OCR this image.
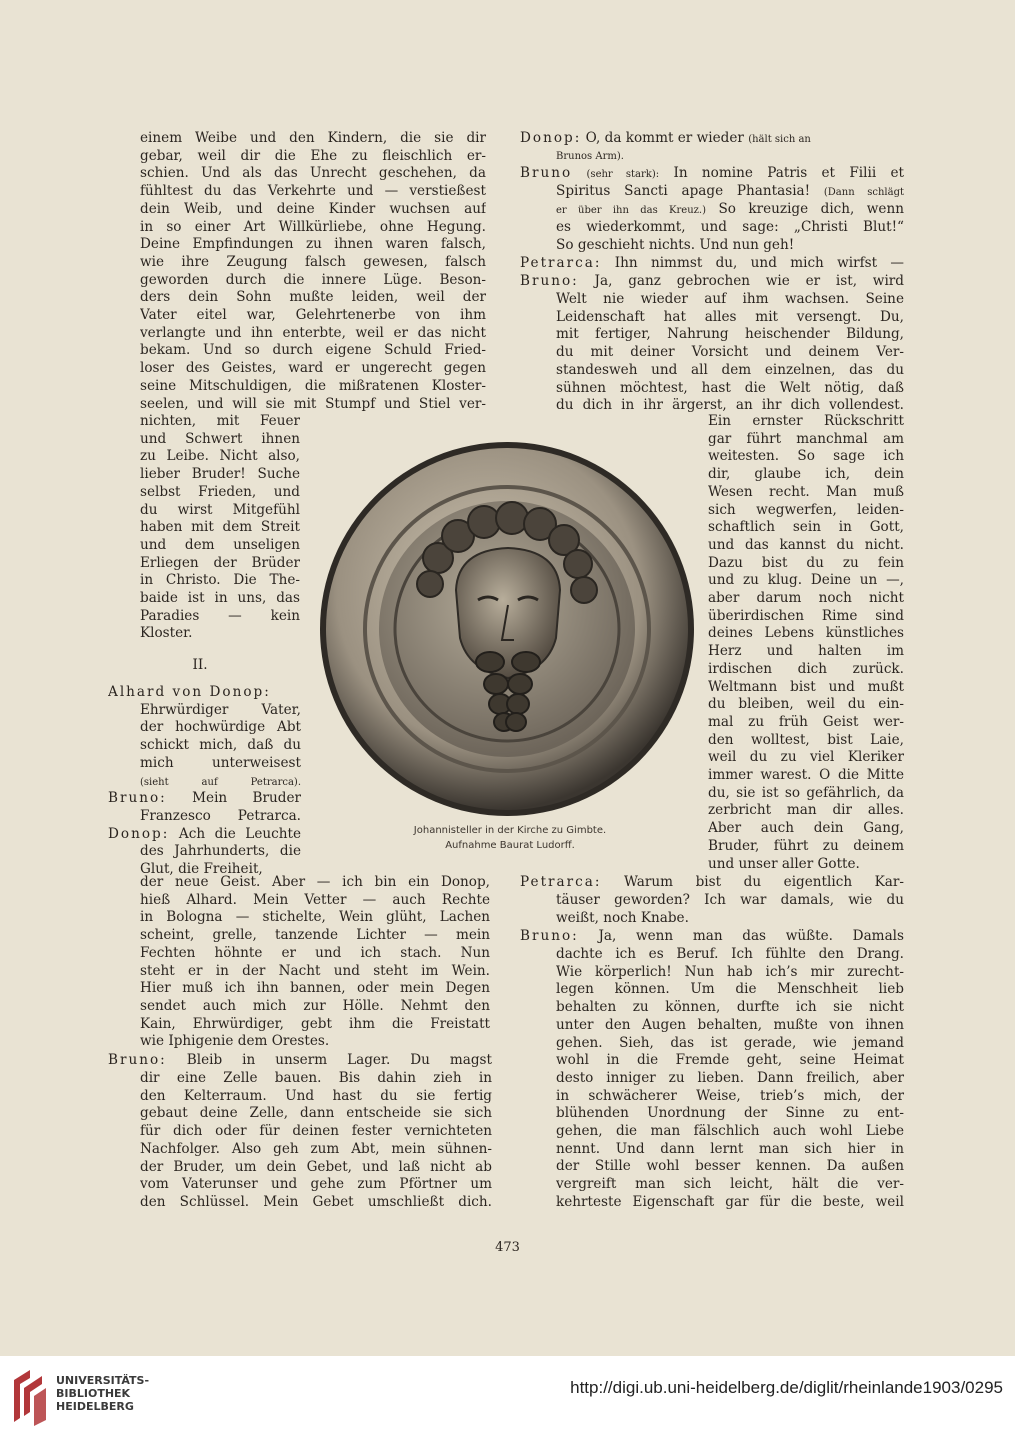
einem Weibe und den Kindern, die sie dir
gebar, weil dir die Ehe zu fleischlich er-
schien. Und als das Unrecht geschehen, da
fühltest du das Verkehrte und — verstießest
dein Weib, und deine Kinder wuchsen auf
in so einer Art Willkürliebe, ohne Hegung.
Deine Empfindungen zu ihnen waren falsch,
wie ihre Zeugung falsch gewesen, falsch
geworden durch die innere Lüge. Beson-
ders dein Sohn mußte leiden, weil der
Vater eitel war, Gelehrtenerbe von ihm
verlangte und ihn enterbte, weil er das nicht
bekam. Und so durch eigene Schuld Fried-
loser des Geistes, ward er ungerecht gegen
seine Mitschuldigen, die mißratenen Kloster-
seelen, und will sie mit Stumpf und Stiel ver-
nichten, mit Feuer
und Schwert ihnen
zu Leibe. Nicht also,
lieber Bruder! Suche
selbst Frieden, und
du wirst Mitgefühl
haben mit dem Streit
und dem unseligen
Erliegen der Brüder
in Christo. Die The-
baide ist in uns, das
Paradies — kein
Kloster.
II.
Alhard von Donop:
Ehrwürdiger Vater,
der hochwürdige Abt
schickt mich, daß du
mich unterweisest
(sieht auf Petrarca).
Bruno: Mein Bruder
Franzesco Petrarca.
Donop: Ach die Leuchte
des Jahrhunderts, die
Glut, die Freiheit,
der neue Geist. Aber — ich bin ein Donop,
hieß Alhard. Mein Vetter — auch Rechte
in Bologna — stichelte, Wein glüht, Lachen
scheint, grelle, tanzende Lichter — mein
Fechten höhnte er und ich stach. Nun
steht er in der Nacht und steht im Wein.
Hier muß ich ihn bannen, oder mein Degen
sendet auch mich zur Hölle. Nehmt den
Kain, Ehrwürdiger, gebt ihm die Freistatt
wie Iphigenie dem Orestes.
Bruno: Bleib in unserm Lager. Du magst
dir eine Zelle bauen. Bis dahin zieh in
den Kelterraum. Und hast du sie fertig
gebaut deine Zelle, dann entscheide sie sich
für dich oder für deinen fester vernichteten
Nachfolger. Also geh zum Abt, mein sühnen-
der Bruder, um dein Gebet, und laß nicht ab
vom Vaterunser und gehe zum Pförtner um
den Schlüssel. Mein Gebet umschließt dich.
Donop: O, da kommt er wieder (hält sich an
Brunos Arm).
Bruno (sehr stark): In nomine Patris et Filii et
Spiritus Sancti apage Phantasia! (Dann schlägt
er über ihn das Kreuz.) So kreuzige dich, wenn
es wiederkommt, und sage: „Christi Blut!“
So geschieht nichts. Und nun geh!
Petrarca: Ihn nimmst du, und mich wirfst —
Bruno: Ja, ganz gebrochen wie er ist, wird
Welt nie wieder auf ihm wachsen. Seine
Leidenschaft hat alles mit versengt. Du,
mit fertiger, Nahrung heischender Bildung,
du mit deiner Vorsicht und deinem Ver-
standesweh und all dem einzelnen, das du
sühnen möchtest, hast die Welt nötig, daß
du dich in ihr ärgerst, an ihr dich vollendest.
Ein ernster Rückschritt
gar führt manchmal am
weitesten. So sage ich
dir, glaube ich, dein
Wesen recht. Man muß
sich wegwerfen, leiden-
schaftlich sein in Gott,
und das kannst du nicht.
Dazu bist du zu fein
und zu klug. Deine un —,
aber darum noch nicht
überirdischen Rime sind
deines Lebens künstliches
Herz und halten im
irdischen dich zurück.
Weltmann bist und mußt
du bleiben, weil du ein-
mal zu früh Geist wer-
den wolltest, bist Laie,
weil du zu viel Kleriker
immer warest. O die Mitte
du, sie ist so gefährlich, da
zerbricht man dir alles.
Aber auch dein Gang,
Bruder, führt zu deinem
und unser aller Gotte.
Petrarca: Warum bist du eigentlich Kar-
täuser geworden? Ich war damals, wie du
weißt, noch Knabe.
Bruno: Ja, wenn man das wüßte. Damals
dachte ich es Beruf. Ich fühlte den Drang.
Wie körperlich! Nun hab ich’s mir zurecht-
legen können. Um die Menschheit lieb
behalten zu können, durfte ich sie nicht
unter den Augen behalten, mußte von ihnen
gehen. Sieh, das ist gerade, wie jemand
wohl in die Fremde geht, seine Heimat
desto inniger zu lieben. Dann freilich, aber
in schwächerer Weise, trieb’s mich, der
blühenden Unordnung der Sinne zu ent-
gehen, die man fälschlich auch wohl Liebe
nennt. Und dann lernt man sich hier in
der Stille wohl besser kennen. Da außen
vergreift man sich leicht, hält die ver-
kehrteste Eigenschaft gar für die beste, weil
Johannisteller in der Kirche zu Gimbte.
Aufnahme Baurat Ludorff.
473
UNIVERSITÄTS-
BIBLIOTHEK
HEIDELBERG
http://digi.ub.uni-heidelberg.de/diglit/rheinlande1903/0295
